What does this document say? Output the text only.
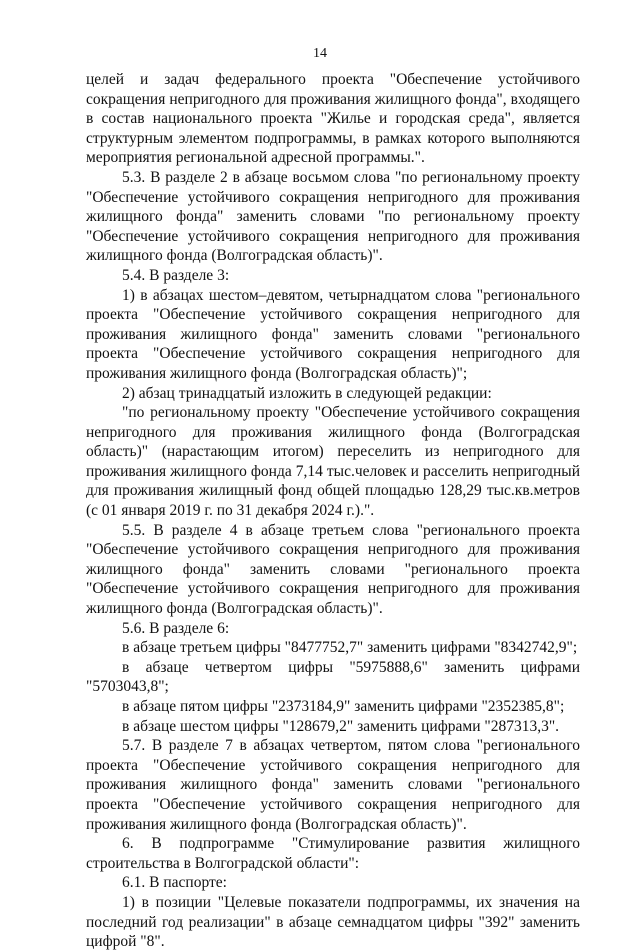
14

целей и задач федерального проекта "Обеспечение устойчивого сокращения непригодного для проживания жилищного фонда", входящего в состав национального проекта "Жилье и городская среда", является структурным элементом подпрограммы, в рамках которого выполняются мероприятия региональной адресной программы.".

5.3. В разделе 2 в абзаце восьмом слова "по региональному проекту "Обеспечение устойчивого сокращения непригодного для проживания жилищного фонда" заменить словами "по региональному проекту "Обеспечение устойчивого сокращения непригодного для проживания жилищного фонда (Волгоградская область)".

5.4. В разделе 3:

1) в абзацах шестом–девятом, четырнадцатом слова "регионального проекта "Обеспечение устойчивого сокращения непригодного для проживания жилищного фонда" заменить словами "регионального проекта "Обеспечение устойчивого сокращения непригодного для проживания жилищного фонда (Волгоградская область)";

2) абзац тринадцатый изложить в следующей редакции:

"по региональному проекту "Обеспечение устойчивого сокращения непригодного для проживания жилищного фонда (Волгоградская область)" (нарастающим итогом) переселить из непригодного для проживания жилищного фонда 7,14 тыс.человек и расселить непригодный для проживания жилищный фонд общей площадью 128,29 тыс.кв.метров (с 01 января 2019 г. по 31 декабря 2024 г.).".

5.5. В разделе 4 в абзаце третьем слова "регионального проекта "Обеспечение устойчивого сокращения непригодного для проживания жилищного фонда" заменить словами "регионального проекта "Обеспечение устойчивого сокращения непригодного для проживания жилищного фонда (Волгоградская область)".

5.6. В разделе 6:

в абзаце третьем цифры "8477752,7" заменить цифрами "8342742,9";

в абзаце четвертом цифры "5975888,6" заменить цифрами "5703043,8";

в абзаце пятом цифры "2373184,9" заменить цифрами "2352385,8";

в абзаце шестом цифры "128679,2" заменить цифрами "287313,3".

5.7. В разделе 7 в абзацах четвертом, пятом слова "регионального проекта "Обеспечение устойчивого сокращения непригодного для проживания жилищного фонда" заменить словами "регионального проекта "Обеспечение устойчивого сокращения непригодного для проживания жилищного фонда (Волгоградская область)".

6. В подпрограмме "Стимулирование развития жилищного строительства в Волгоградской области":

6.1. В паспорте:

1) в позиции "Целевые показатели подпрограммы, их значения на последний год реализации" в абзаце семнадцатом цифры "392" заменить цифрой "8".
